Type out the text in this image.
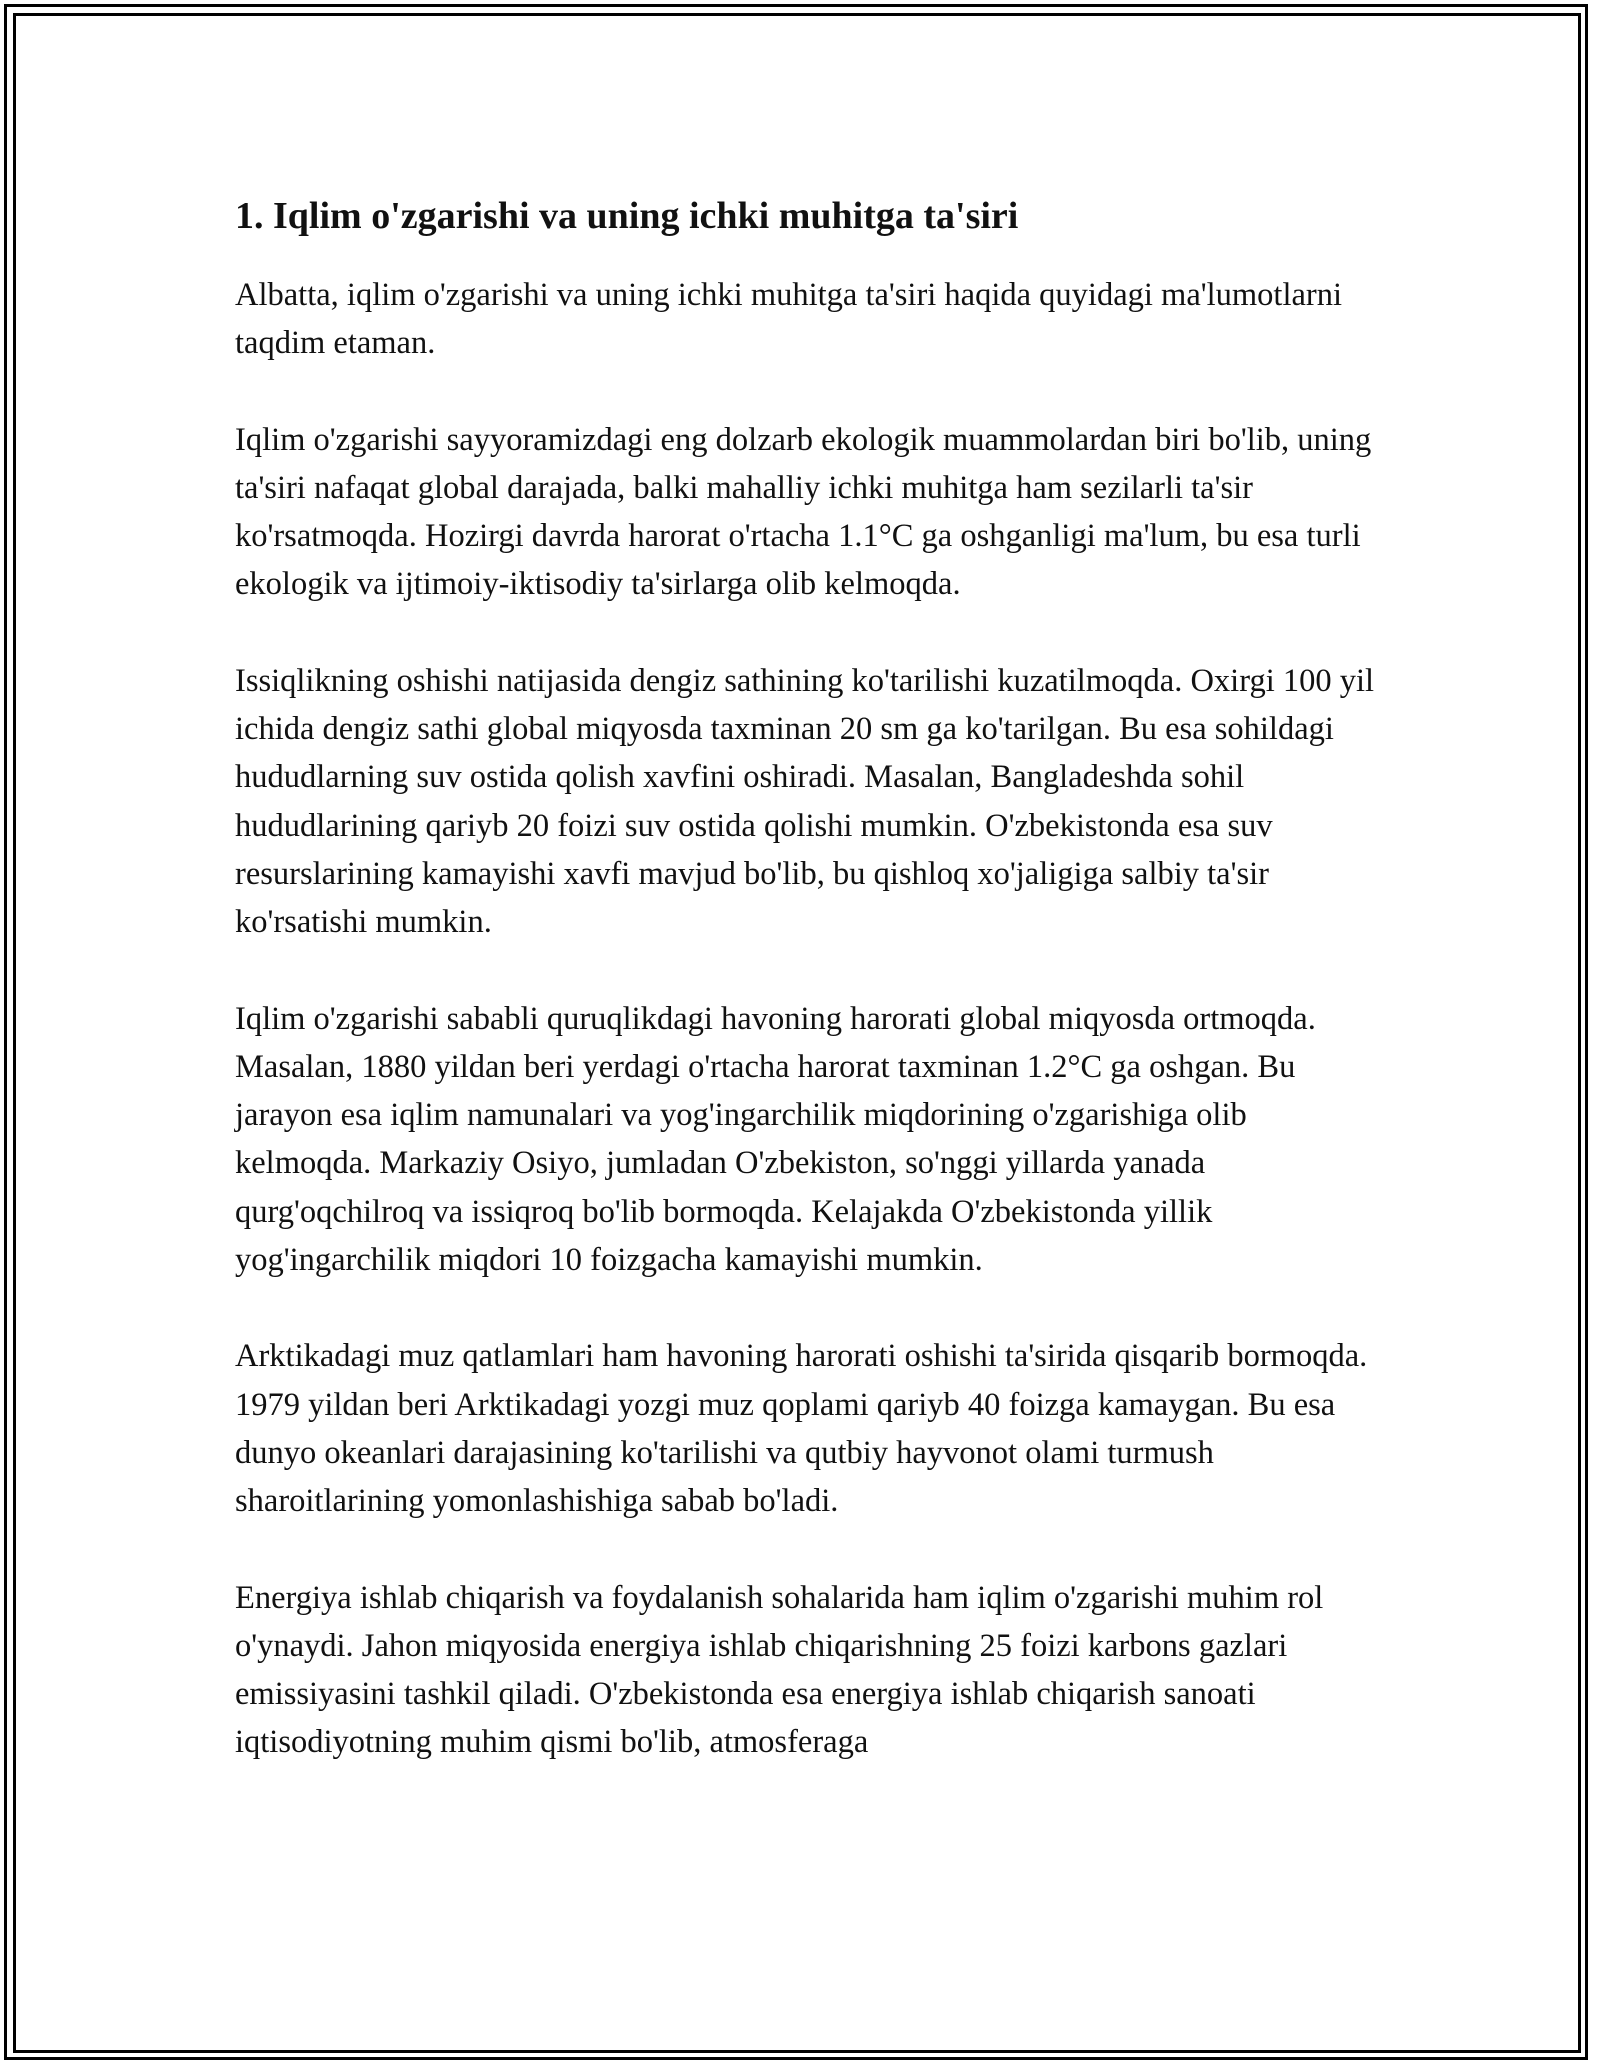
1. Iqlim o'zgarishi va uning ichki muhitga ta'siri

Albatta, iqlim o'zgarishi va uning ichki muhitga ta'siri haqida quyidagi ma'lumotlarni taqdim etaman.

Iqlim o'zgarishi sayyoramizdagi eng dolzarb ekologik muammolardan biri bo'lib, uning ta'siri nafaqat global darajada, balki mahalliy ichki muhitga ham sezilarli ta'sir ko'rsatmoqda. Hozirgi davrda harorat o'rtacha 1.1°C ga oshganligi ma'lum, bu esa turli ekologik va ijtimoiy-iktisodiy ta'sirlarga olib kelmoqda.

Issiqlikning oshishi natijasida dengiz sathining ko'tarilishi kuzatilmoqda. Oxirgi 100 yil ichida dengiz sathi global miqyosda taxminan 20 sm ga ko'tarilgan. Bu esa sohildagi hududlarning suv ostida qolish xavfini oshiradi. Masalan, Bangladeshda sohil hududlarining qariyb 20 foizi suv ostida qolishi mumkin. O'zbekistonda esa suv resurslarining kamayishi xavfi mavjud bo'lib, bu qishloq xo'jaligiga salbiy ta'sir ko'rsatishi mumkin.

Iqlim o'zgarishi sababli quruqlikdagi havoning harorati global miqyosda ortmoqda. Masalan, 1880 yildan beri yerdagi o'rtacha harorat taxminan 1.2°C ga oshgan. Bu jarayon esa iqlim namunalari va yog'ingarchilik miqdorining o'zgarishiga olib kelmoqda. Markaziy Osiyo, jumladan O'zbekiston, so'nggi yillarda yanada qurg'oqchilroq va issiqroq bo'lib bormoqda. Kelajakda O'zbekistonda yillik yog'ingarchilik miqdori 10 foizgacha kamayishi mumkin.

Arktikadagi muz qatlamlari ham havoning harorati oshishi ta'sirida qisqarib bormoqda. 1979 yildan beri Arktikadagi yozgi muz qoplami qariyb 40 foizga kamaygan. Bu esa dunyo okeanlari darajasining ko'tarilishi va qutbiy hayvonot olami turmush sharoitlarining yomonlashishiga sabab bo'ladi.

Energiya ishlab chiqarish va foydalanish sohalarida ham iqlim o'zgarishi muhim rol o'ynaydi. Jahon miqyosida energiya ishlab chiqarishning 25 foizi karbons gazlari emissiyasini tashkil qiladi. O'zbekistonda esa energiya ishlab chiqarish sanoati iqtisodiyotning muhim qismi bo'lib, atmosferaga
